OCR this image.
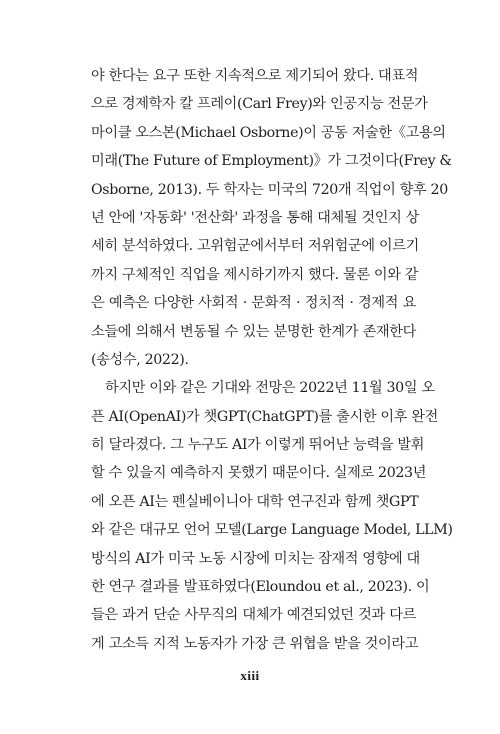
야 한다는 요구 또한 지속적으로 제기되어 왔다. 대표적
으로 경제학자 칼 프레이(Carl Frey)와 인공지능 전문가
마이클 오스본(Michael Osborne)이 공동 저술한《고용의
미래(The Future of Employment)》가 그것이다(Frey &
Osborne, 2013). 두 학자는 미국의 720개 직업이 향후 20
년 안에 '자동화' '전산화' 과정을 통해 대체될 것인지 상
세히 분석하였다. 고위험군에서부터 저위험군에 이르기
까지 구체적인 직업을 제시하기까지 했다. 물론 이와 같
은 예측은 다양한 사회적 · 문화적 · 정치적 · 경제적 요
소들에 의해서 변동될 수 있는 분명한 한계가 존재한다
(송성수, 2022).
하지만 이와 같은 기대와 전망은 2022년 11월 30일 오
픈 AI(OpenAI)가 챗GPT(ChatGPT)를 출시한 이후 완전
히 달라졌다. 그 누구도 AI가 이렇게 뛰어난 능력을 발휘
할 수 있을지 예측하지 못했기 때문이다. 실제로 2023년
에 오픈 AI는 펜실베이니아 대학 연구진과 함께 챗GPT
와 같은 대규모 언어 모델(Large Language Model, LLM)
방식의 AI가 미국 노동 시장에 미치는 잠재적 영향에 대
한 연구 결과를 발표하였다(Eloundou et al., 2023). 이
들은 과거 단순 사무직의 대체가 예견되었던 것과 다르
게 고소득 지적 노동자가 가장 큰 위협을 받을 것이라고
xiii
